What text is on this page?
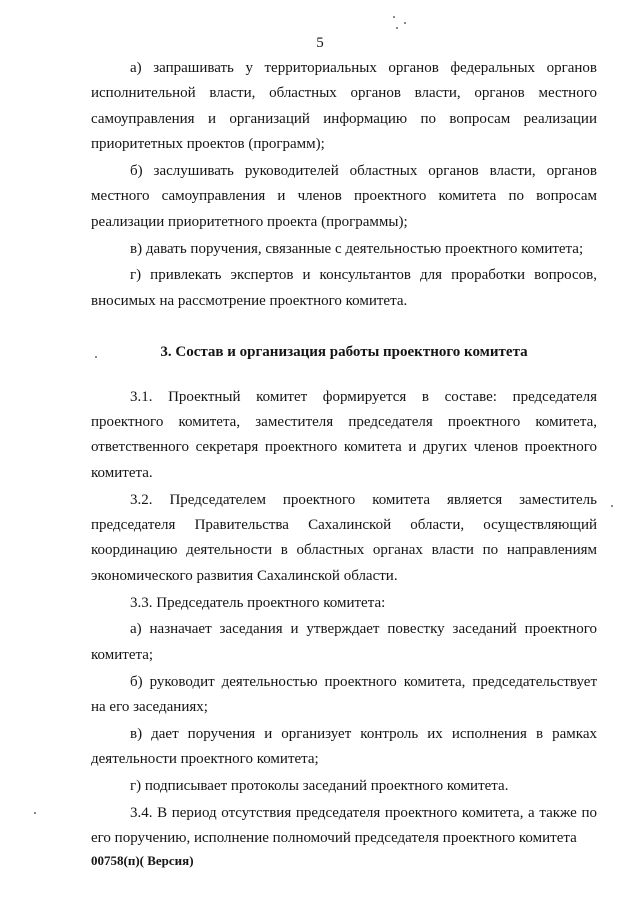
5

а) запрашивать у территориальных органов федеральных органов исполнительной власти, областных органов власти, органов местного самоуправления и организаций информацию по вопросам реализации приоритетных проектов (программ);

б) заслушивать руководителей областных органов власти, органов местного самоуправления и членов проектного комитета по вопросам реализации приоритетного проекта (программы);

в) давать поручения, связанные с деятельностью проектного комитета;

г) привлекать экспертов и консультантов для проработки вопросов, вносимых на рассмотрение проектного комитета.

3. Состав и организация работы проектного комитета

3.1. Проектный комитет формируется в составе: председателя проектного комитета, заместителя председателя проектного комитета, ответственного секретаря проектного комитета и других членов проектного комитета.

3.2. Председателем проектного комитета является заместитель председателя Правительства Сахалинской области, осуществляющий координацию деятельности в областных органах власти по направлениям экономического развития Сахалинской области.

3.3. Председатель проектного комитета:

а) назначает заседания и утверждает повестку заседаний проектного комитета;

б) руководит деятельностью проектного комитета, председательствует на его заседаниях;

в) дает поручения и организует контроль их исполнения в рамках деятельности проектного комитета;

г) подписывает протоколы заседаний проектного комитета.

3.4. В период отсутствия председателя проектного комитета, а также по его поручению, исполнение полномочий председателя проектного комитета

00758(п)( Версия)
